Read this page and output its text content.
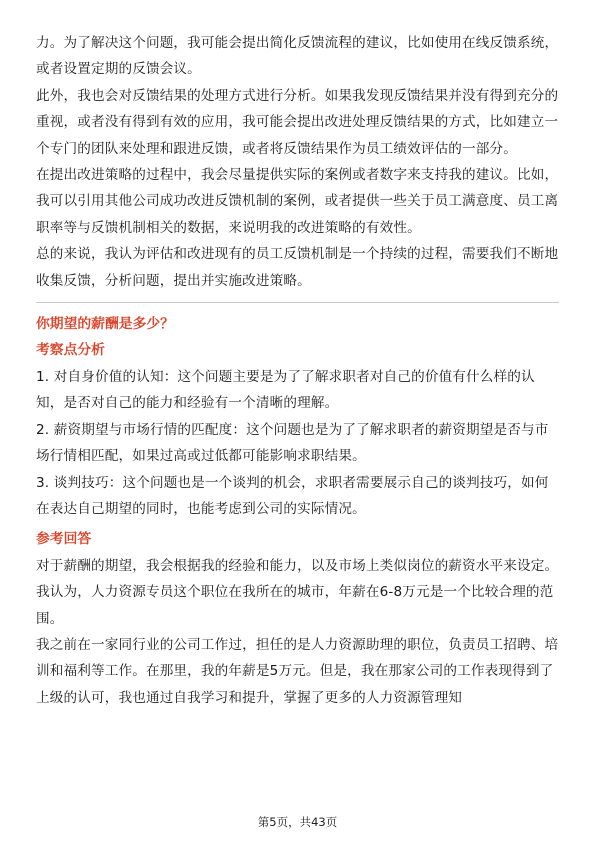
力。为了解决这个问题，我可能会提出简化反馈流程的建议，比如使用在线反馈系统，或者设置定期的反馈会议。

此外，我也会对反馈结果的处理方式进行分析。如果我发现反馈结果并没有得到充分的重视，或者没有得到有效的应用，我可能会提出改进处理反馈结果的方式，比如建立一个专门的团队来处理和跟进反馈，或者将反馈结果作为员工绩效评估的一部分。

在提出改进策略的过程中，我会尽量提供实际的案例或者数字来支持我的建议。比如，我可以引用其他公司成功改进反馈机制的案例，或者提供一些关于员工满意度、员工离职率等与反馈机制相关的数据，来说明我的改进策略的有效性。

总的来说，我认为评估和改进现有的员工反馈机制是一个持续的过程，需要我们不断地收集反馈，分析问题，提出并实施改进策略。

你期望的薪酬是多少？

考察点分析

1. 对自身价值的认知：这个问题主要是为了了解求职者对自己的价值有什么样的认知，是否对自己的能力和经验有一个清晰的理解。

2. 薪资期望与市场行情的匹配度：这个问题也是为了了解求职者的薪资期望是否与市场行情相匹配，如果过高或过低都可能影响求职结果。

3. 谈判技巧：这个问题也是一个谈判的机会，求职者需要展示自己的谈判技巧，如何在表达自己期望的同时，也能考虑到公司的实际情况。

参考回答

对于薪酬的期望，我会根据我的经验和能力，以及市场上类似岗位的薪资水平来设定。我认为，人力资源专员这个职位在我所在的城市，年薪在6-8万元是一个比较合理的范围。

我之前在一家同行业的公司工作过，担任的是人力资源助理的职位，负责员工招聘、培训和福利等工作。在那里，我的年薪是5万元。但是，我在那家公司的工作表现得到了上级的认可，我也通过自我学习和提升，掌握了更多的人力资源管理知

第5页，共43页
